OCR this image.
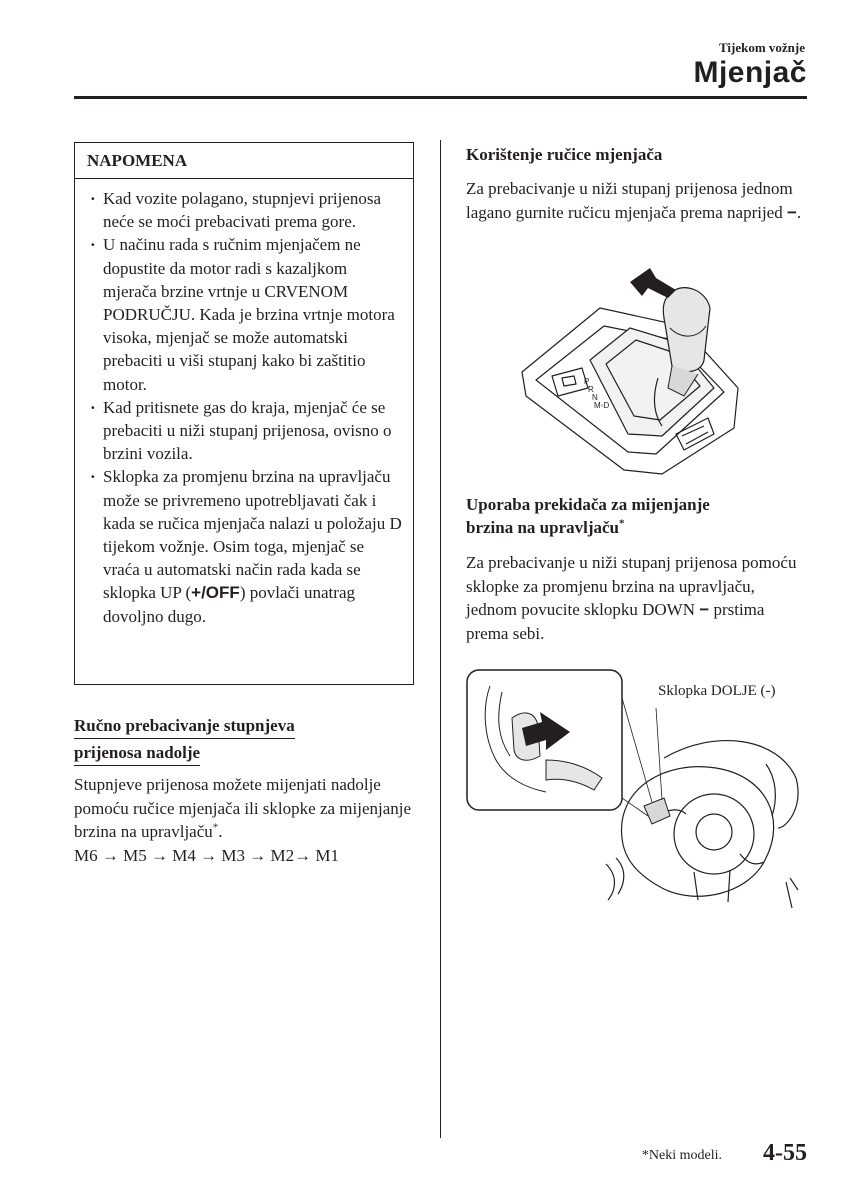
Tijekom vožnje
Mjenjač
NAPOMENA
· Kad vozite polagano, stupnjevi prijenosa neće se moći prebacivati prema gore.
· U načinu rada s ručnim mjenjačem ne dopustite da motor radi s kazaljkom mjerača brzine vrtnje u CRVENOM PODRUČJU. Kada je brzina vrtnje motora visoka, mjenjač se može automatski prebaciti u viši stupanj kako bi zaštitio motor.
· Kad pritisnete gas do kraja, mjenjač će se prebaciti u niži stupanj prijenosa, ovisno o brzini vozila.
· Sklopka za promjenu brzina na upravljaču može se privremeno upotrebljavati čak i kada se ručica mjenjača nalazi u položaju D tijekom vožnje. Osim toga, mjenjač se vraća u automatski način rada kada se sklopka UP (+/OFF) povlači unatrag dovoljno dugo.
Ručno prebacivanje stupnjeva
prijenosa nadolje
Stupnjeve prijenosa možete mijenjati nadolje pomoću ručice mjenjača ili sklopke za mijenjanje brzina na upravljaču*.
M6 → M5 → M4 → M3 → M2→ M1
Korištenje ručice mjenjača
Za prebacivanje u niži stupanj prijenosa jednom lagano gurnite ručicu mjenjača prema naprijed −.
P
R
N
M◦D
Uporaba prekidača za mijenjanje
brzina na upravljaču*
Za prebacivanje u niži stupanj prijenosa pomoću sklopke za promjenu brzina na upravljaču, jednom povucite sklopku DOWN − prstima prema sebi.
Sklopka DOLJE (-)
*Neki modeli. 4-55
